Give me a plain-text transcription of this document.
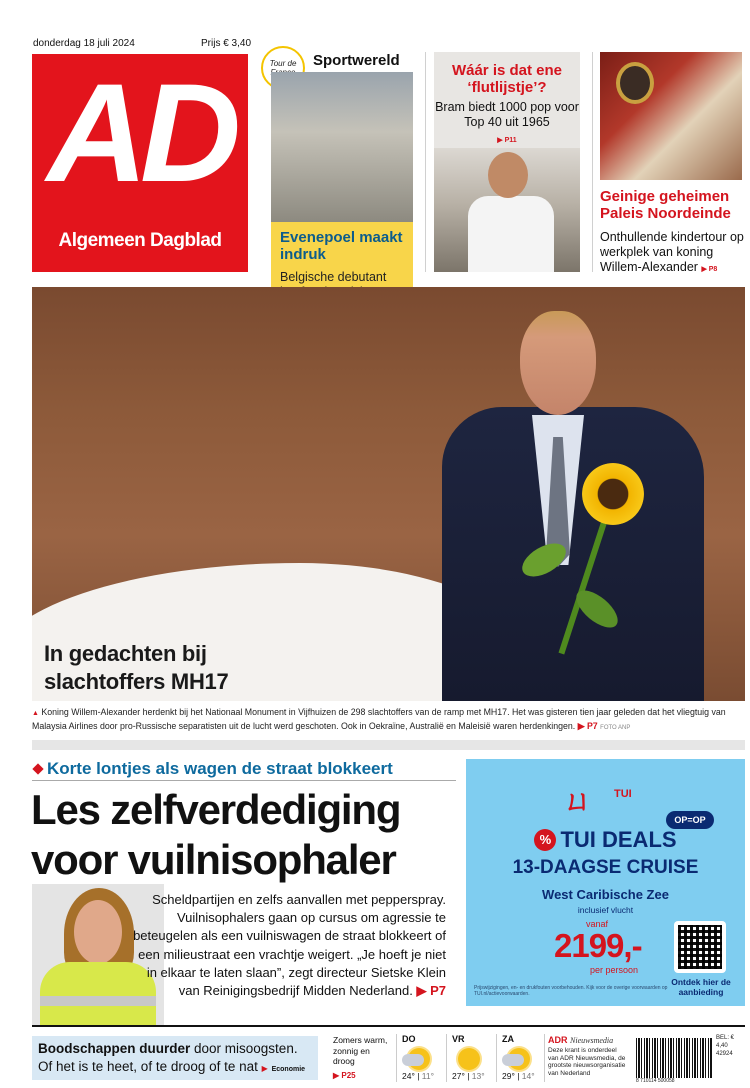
donderdag 18 juli 2024	Prijs € 3,40
AD
Algemeen Dagblad
Tour de	Sportwereld
Evenepoel maakt indruk
Belgische debutant
Wáár is dat ene ‘flutlijstje’?
Bram biedt 1000 pop voor Top 40 uit 1965
▶ P11
Geinige geheimen Paleis Noordeinde
Onthullende kindertour op werkplek van koning Willem-Alexander ▶ P8
In gedachten bij
slachtoffers MH17
▲ Koning Willem-Alexander herdenkt bij het Nationaal Monument in Vijfhuizen de 298 slachtoffers van de ramp met MH17. Het was gisteren tien jaar geleden dat het vliegtuig van Malaysia Airlines door pro-Russische separatisten uit de lucht werd geschoten. Ook in Oekraïne, Australië en Maleisië waren herdenkingen. ▶ P7 FOTO ANP
Korte lontjes als wagen de straat blokkeert
Les zelfverdediging
voor vuilnisophaler
Scheldpartijen en zelfs aanvallen met pepperspray. Vuilnisophalers gaan op cursus om agressie te beteugelen als een vuilniswagen de straat blokkeert of een milieustraat een vrachtje weigert. „Je hoeft je niet in elkaar te laten slaan”, zegt directeur Sietske Klein van Reinigingsbedrijf Midden Nederland. ▶ P7
ㄩ TUI
OP=OP
% TUI DEALS
13-DAAGSE CRUISE
West Caribische Zee
inclusief vlucht
vanaf
2199,-
per persoon
Ontdek hier de aanbieding
Prijswijzigingen, en- en drukfouten voorbehouden. Kijk voor de overige voorwaarden op TUI.nl/actievoorwaarden.
Boodschappen duurder door misoogsten.
Of het is te heet, of te droog of te nat ▶ Economie
Zomers warm, zonnig en droog
▶ P25
DO
24° | 11°
VR
27° | 13°
ZA
29° | 14°
ADR Nieuwsmedia
Deze krant is onderdeel van ADR Nieuwsmedia, de grootste nieuwsorganisatie van Nederland
8 710114 500058
BEL: € 4,40
42924
